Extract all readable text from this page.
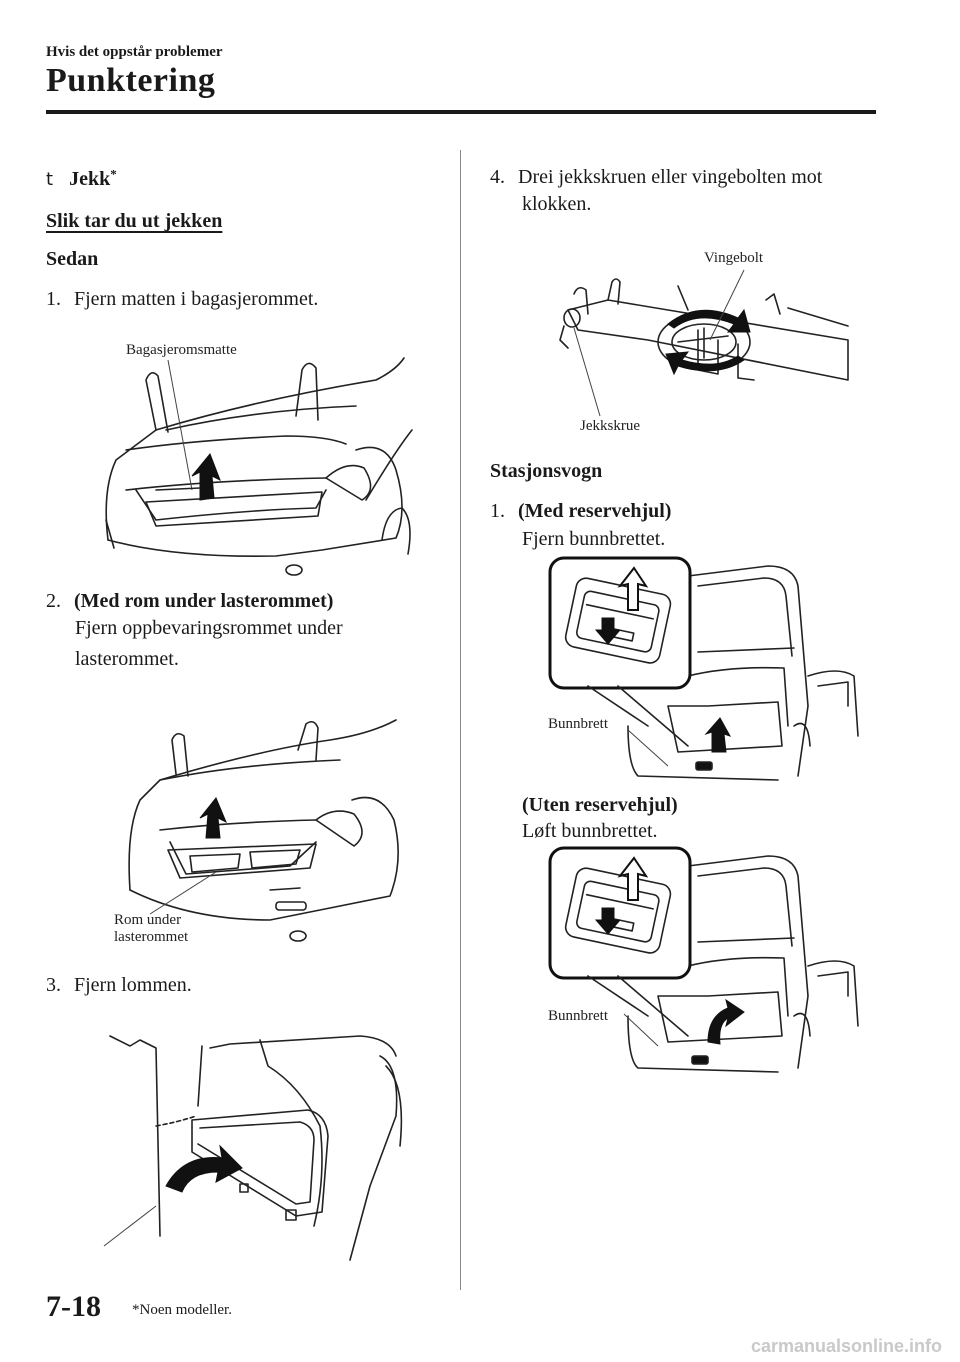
Hvis det oppstår problemer
Punktering
t Jekk*
Slik tar du ut jekken
Sedan
1. Fjern matten i bagasjerommet.
Bagasjeromsmatte
2. (Med rom under lasterommet)
Fjern oppbevaringsrommet under
lasterommet.
Rom under
lasterommet
3. Fjern lommen.
4. Drei jekkskruen eller vingebolten mot
klokken.
Vingebolt
Jekkskrue
Stasjonsvogn
1. (Med reservehjul)
Fjern bunnbrettet.
Bunnbrett
(Uten reservehjul)
Løft bunnbrettet.
Bunnbrett
7-18 *Noen modeller.
carmanualsonline.info
